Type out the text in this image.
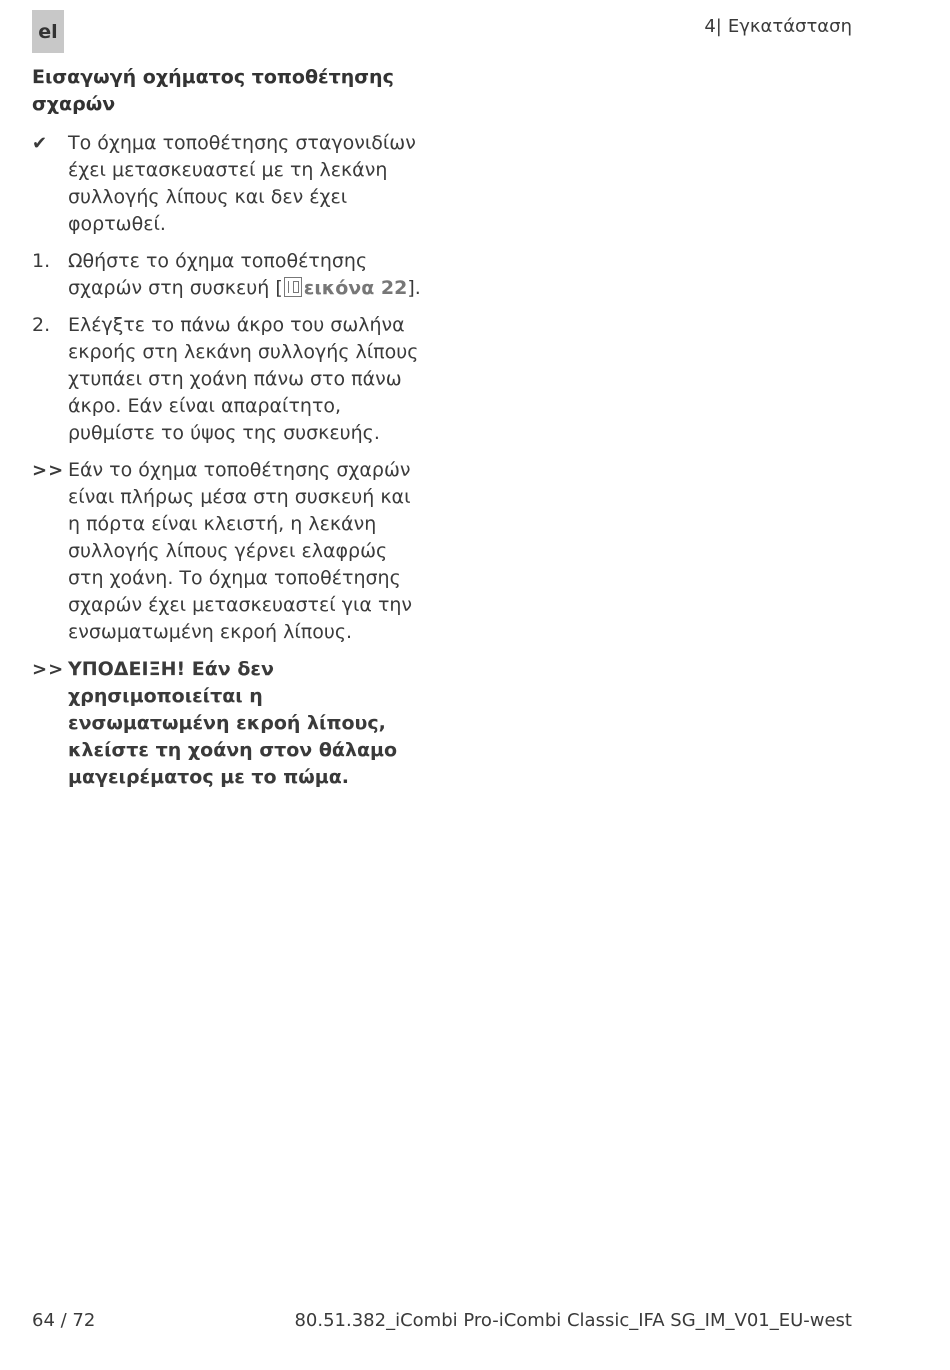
el	4| Εγκατάσταση
Εισαγωγή οχήματος τοποθέτησης σχαρών
✔	Το όχημα τοποθέτησης σταγονιδίων έχει μετασκευαστεί με τη λεκάνη συλλογής λίπους και δεν έχει φορτωθεί.
1. Ωθήστε το όχημα τοποθέτησης σχαρών στη συσκευή [ εικόνα 22].
2. Ελέγξτε το πάνω άκρο του σωλήνα εκροής στη λεκάνη συλλογής λίπους χτυπάει στη χοάνη πάνω στο πάνω άκρο. Εάν είναι απαραίτητο, ρυθμίστε το ύψος της συσκευής.
>> Εάν το όχημα τοποθέτησης σχαρών είναι πλήρως μέσα στη συσκευή και η πόρτα είναι κλειστή, η λεκάνη συλλογής λίπους γέρνει ελαφρώς στη χοάνη. Το όχημα τοποθέτησης σχαρών έχει μετασκευαστεί για την ενσωματωμένη εκροή λίπους.
>> ΥΠΟΔΕΙΞΗ! Εάν δεν χρησιμοποιείται η ενσωματωμένη εκροή λίπους, κλείστε τη χοάνη στον θάλαμο μαγειρέματος με το πώμα.
64 / 72	80.51.382_iCombi Pro-iCombi Classic_IFA SG_IM_V01_EU-west
